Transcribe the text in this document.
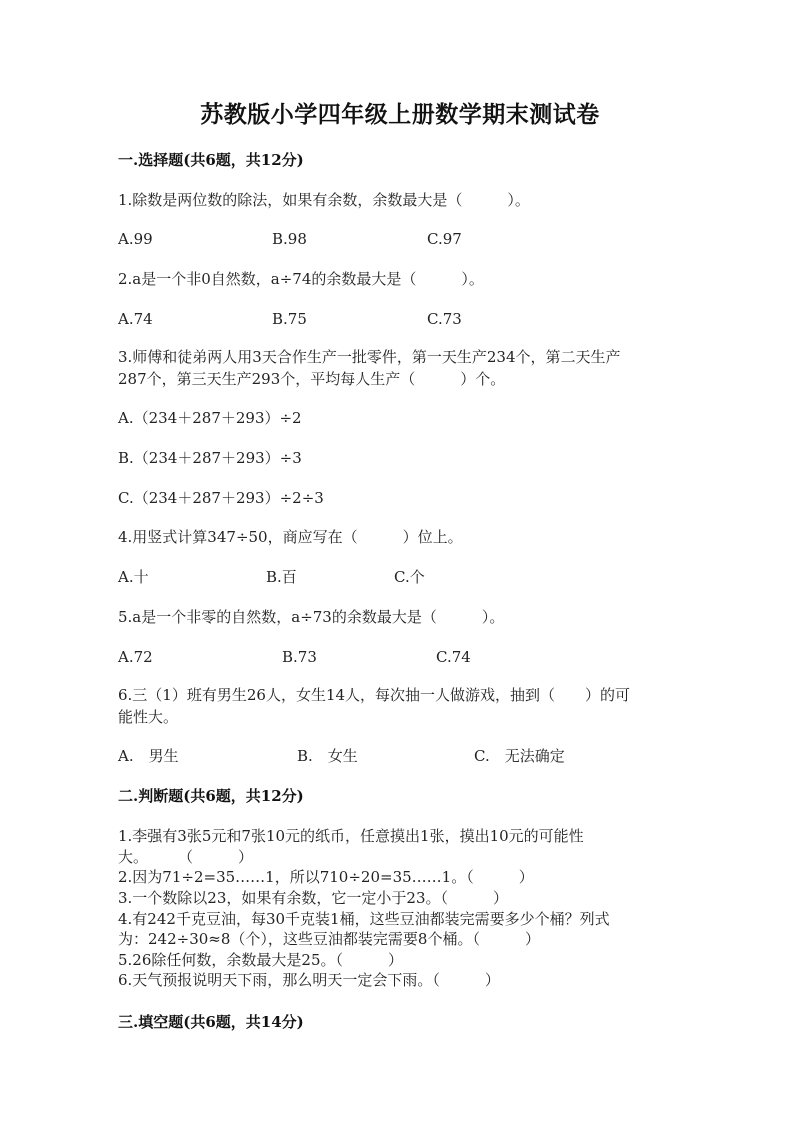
苏教版小学四年级上册数学期末测试卷
一.选择题(共6题，共12分)
1.除数是两位数的除法，如果有余数，余数最大是（　　　）。
A.99	B.98	C.97
2.a是一个非0自然数，a÷74的余数最大是（　　　）。
A.74	B.75	C.73
3.师傅和徒弟两人用3天合作生产一批零件，第一天生产234个，第二天生产
287个，第三天生产293个，平均每人生产（　　　）个。
A.（234＋287＋293）÷2
B.（234＋287＋293）÷3
C.（234＋287＋293）÷2÷3
4.用竖式计算347÷50，商应写在（　　　）位上。
A.十	B.百	C.个
5.a是一个非零的自然数，a÷73的余数最大是（　　　）。
A.72	B.73	C.74
6.三（1）班有男生26人，女生14人，每次抽一人做游戏，抽到（　　）的可
能性大。
A.　男生	B.　女生	C.　无法确定
二.判断题(共6题，共12分)
1.李强有3张5元和7张10元的纸币，任意摸出1张，摸出10元的可能性
大。　　　（　　　）
2.因为71÷2=35……1，所以710÷20=35……1。（　　　）
3.一个数除以23，如果有余数，它一定小于23。（　　　）
4.有242千克豆油，每30千克装1桶，这些豆油都装完需要多少个桶？列式
为：242÷30≈8（个），这些豆油都装完需要8个桶。（　　　）
5.26除任何数，余数最大是25。（　　　）
6.天气预报说明天下雨，那么明天一定会下雨。（　　　）
三.填空题(共6题，共14分)
